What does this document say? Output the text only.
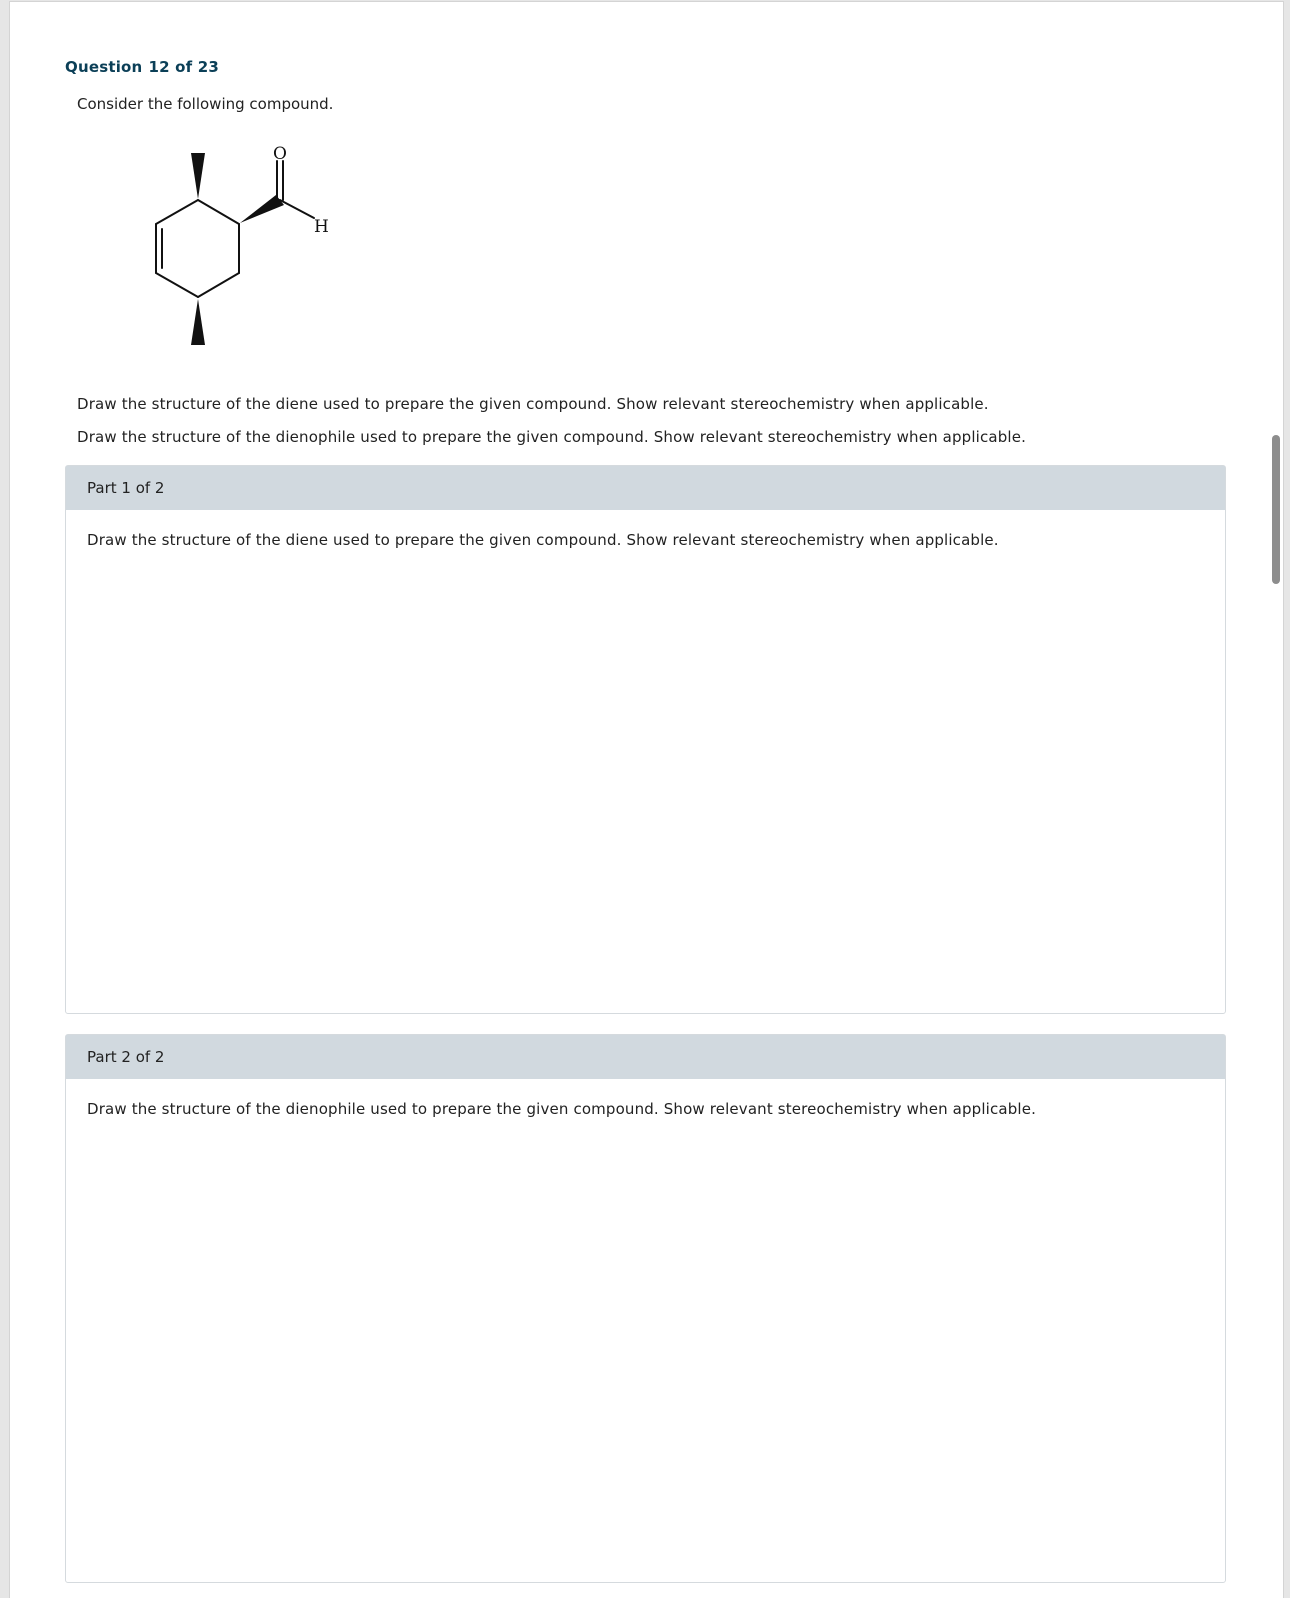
Question 12 of 23
Consider the following compound.
O
H
Draw the structure of the diene used to prepare the given compound. Show relevant stereochemistry when applicable.
Draw the structure of the dienophile used to prepare the given compound. Show relevant stereochemistry when applicable.
Part 1 of 2
Draw the structure of the diene used to prepare the given compound. Show relevant stereochemistry when applicable.
Part 2 of 2
Draw the structure of the dienophile used to prepare the given compound. Show relevant stereochemistry when applicable.
